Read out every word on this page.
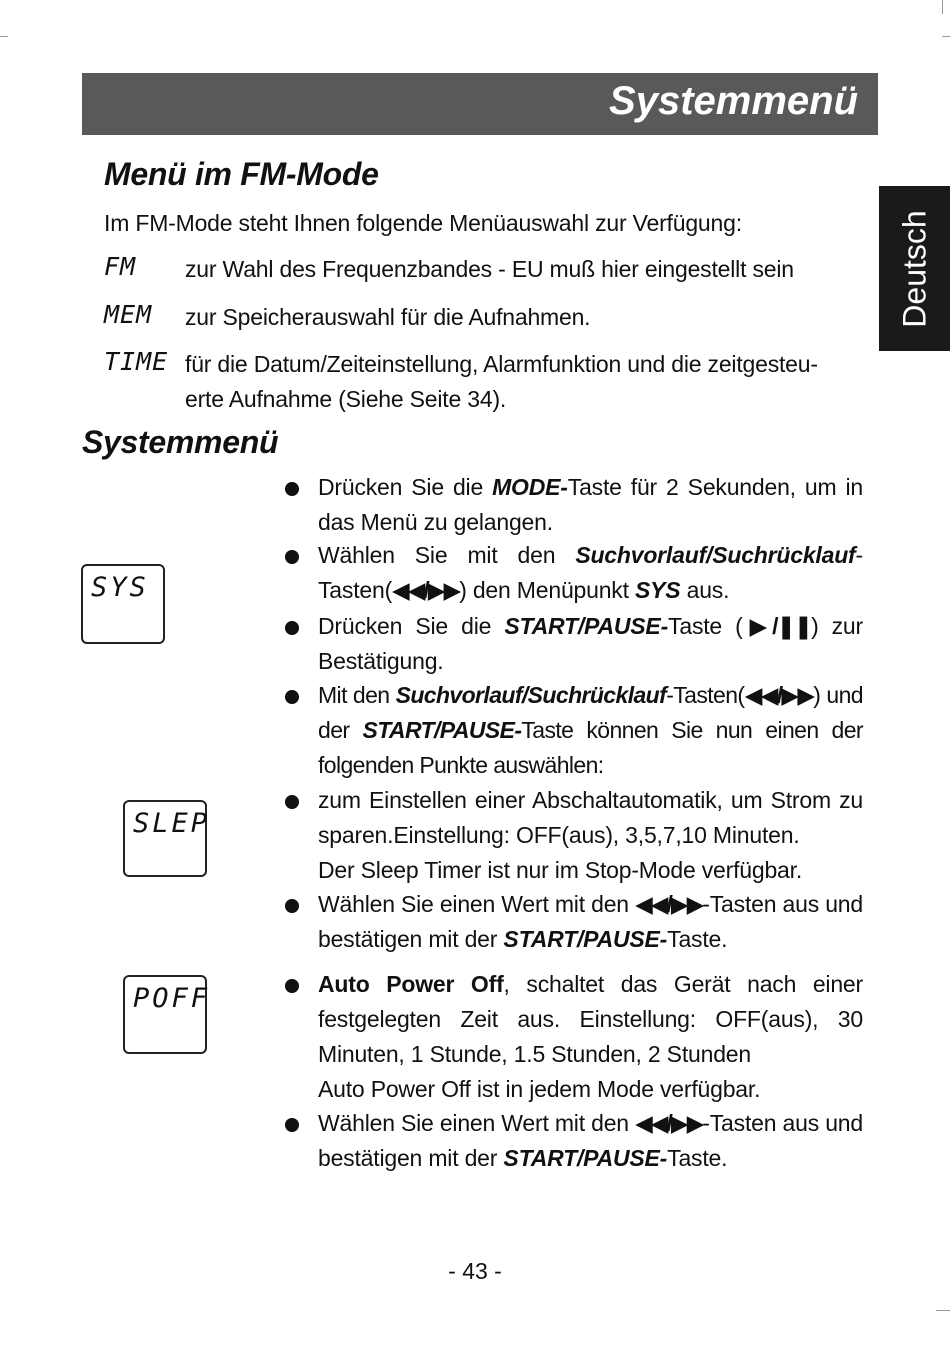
Systemmenü
Deutsch
Menü im FM-Mode
Im FM-Mode steht Ihnen folgende Menüauswahl zur Verfügung:
FM zur Wahl des Frequenzbandes - EU muß hier eingestellt sein
MEM zur Speicherauswahl für die Aufnahmen.
TIME für die Datum/Zeiteinstellung, Alarmfunktion und die zeitgesteu-
erte Aufnahme (Siehe Seite 34).
Systemmenü
SYS
SLEP
POFF
Drücken Sie die MODE-Taste für 2 Sekunden, um in das Menü zu gelangen.
Wählen Sie mit den Suchvorlauf/Suchrücklauf-Tasten(◀◀/▶▶) den Menüpunkt SYS aus.
Drücken Sie die START/PAUSE-Taste (▶/❚❚) zur Bestätigung.
Mit den Suchvorlauf/Suchrücklauf-Tasten(◀◀/▶▶) und der START/PAUSE-Taste können Sie nun einen der folgenden Punkte auswählen:
zum Einstellen einer Abschaltautomatik, um Strom zu sparen.Einstellung: OFF(aus), 3,5,7,10 Minuten.
Der Sleep Timer ist nur im Stop-Mode verfügbar.
Wählen Sie einen Wert mit den ◀◀/▶▶-Tasten aus und bestätigen mit der START/PAUSE-Taste.
Auto Power Off, schaltet das Gerät nach einer festgelegten Zeit aus. Einstellung: OFF(aus), 30 Minuten, 1 Stunde, 1.5 Stunden, 2 Stunden
Auto Power Off ist in jedem Mode verfügbar.
Wählen Sie einen Wert mit den ◀◀/▶▶-Tasten aus und bestätigen mit der START/PAUSE-Taste.
- 43 -
